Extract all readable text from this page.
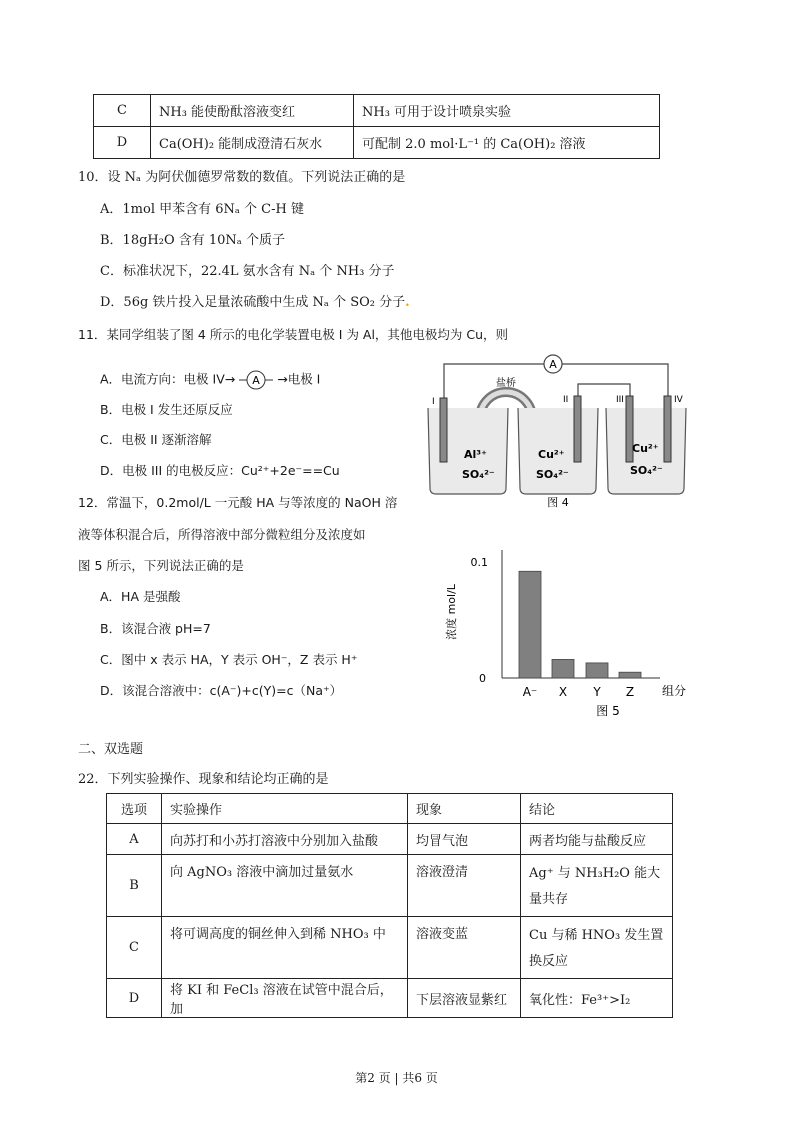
C	NH₃ 能使酚酞溶液变红	NH₃ 可用于设计喷泉实验
D	Ca(OH)₂ 能制成澄清石灰水	可配制 2.0 mol·L⁻¹ 的 Ca(OH)₂ 溶液
10．设 Nₐ 为阿伏伽德罗常数的数值。下列说法正确的是
A．1mol 甲苯含有 6Nₐ 个 C-H 键
B．18gH₂O 含有 10Nₐ 个质子
C．标准状况下，22.4L 氨水含有 Nₐ 个 NH₃ 分子
D．56g 铁片投入足量浓硫酸中生成 Nₐ 个 SO₂ 分子.
11．某同学组装了图 4 所示的电化学装置电极 I 为 Al，其他电极均为 Cu，则
A．电流方向：电极 IV→ A →电极 I
B．电极 I 发生还原反应
C．电极 II 逐渐溶解
D．电极 III 的电极反应：Cu²⁺+2e⁻==Cu
A
盐桥
I	II	III	IV
Al³⁺
SO₄²⁻
Cu²⁺
SO₄²⁻
Cu²⁺
SO₄²⁻
图 4
12．常温下，0.2mol/L 一元酸 HA 与等浓度的 NaOH 溶
液等体积混合后，所得溶液中部分微粒组分及浓度如
图 5 所示，下列说法正确的是
A．HA 是强酸
B．该混合液 pH=7
C．图中 x 表示 HA，Y 表示 OH⁻，Z 表示 H⁺
D．该混合溶液中：c(A⁻)+c(Y)=c（Na⁺）
浓度 mol/L
0.1
0
组分
图 5
A⁻ X Y Z
二、双选题
22．下列实验操作、现象和结论均正确的是
选项	实验操作	现象	结论
A	向苏打和小苏打溶液中分别加入盐酸	均冒气泡	两者均能与盐酸反应
B	向 AgNO₃ 溶液中滴加过量氨水	溶液澄清	Ag⁺ 与 NH₃H₂O 能大
量共存

C	将可调高度的铜丝伸入到稀 NHO₃ 中	溶液变蓝	Cu 与稀 HNO₃ 发生置
换反应

D	将 KI 和 FeCl₃ 溶液在试管中混合后，加	下层溶液显紫红	氧化性：Fe³⁺>I₂
第2 页 | 共6 页
